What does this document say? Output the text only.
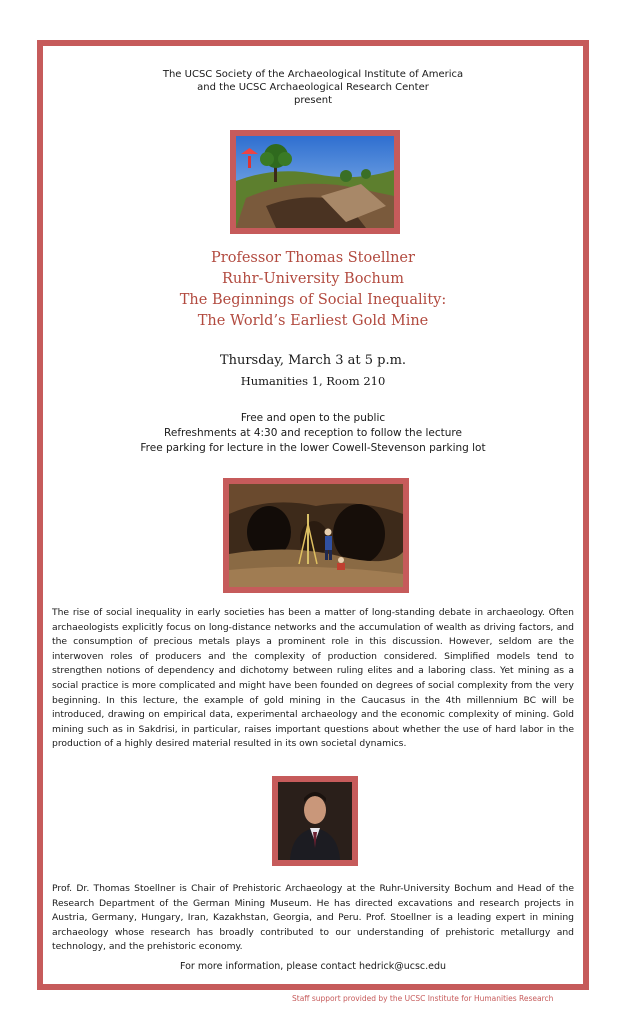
The UCSC Society of the Archaeological Institute of America
and the UCSC Archaeological Research Center
present
Professor Thomas Stoellner
Ruhr-University Bochum
The Beginnings of Social Inequality:
The World’s Earliest Gold Mine
Thursday, March 3 at 5 p.m.
Humanities 1, Room 210
Free and open to the public
Refreshments at 4:30 and reception to follow the lecture
Free parking for lecture in the lower Cowell-Stevenson parking lot
The rise of social inequality in early societies has been a matter of long-standing debate in archaeology. Often archaeologists explicitly focus on long-distance networks and the accumulation of wealth as driving factors, and the consumption of precious metals plays a prominent role in this discussion. However, seldom are the interwoven roles of producers and the complexity of production considered. Simplified models tend to strengthen notions of dependency and dichotomy between ruling elites and a laboring class. Yet mining as a social practice is more complicated and might have been founded on degrees of social complexity from the very beginning. In this lecture, the example of gold mining in the Caucasus in the 4th millennium BC will be introduced, drawing on empirical data, experimental archaeology and the economic complexity of mining. Gold mining such as in Sakdrisi, in particular, raises important questions about whether the use of hard labor in the production of a highly desired material resulted in its own societal dynamics.
Prof. Dr. Thomas Stoellner is Chair of Prehistoric Archaeology at the Ruhr-University Bochum and Head of the Research Department of the German Mining Museum. He has directed excavations and research projects in Austria, Germany, Hungary, Iran, Kazakhstan, Georgia, and Peru. Prof. Stoellner is a leading expert in mining archaeology whose research has broadly contributed to our understanding of prehistoric metallurgy and technology, and the prehistoric economy.
For more information, please contact hedrick@ucsc.edu
Staff support provided by the UCSC Institute for Humanities Research
